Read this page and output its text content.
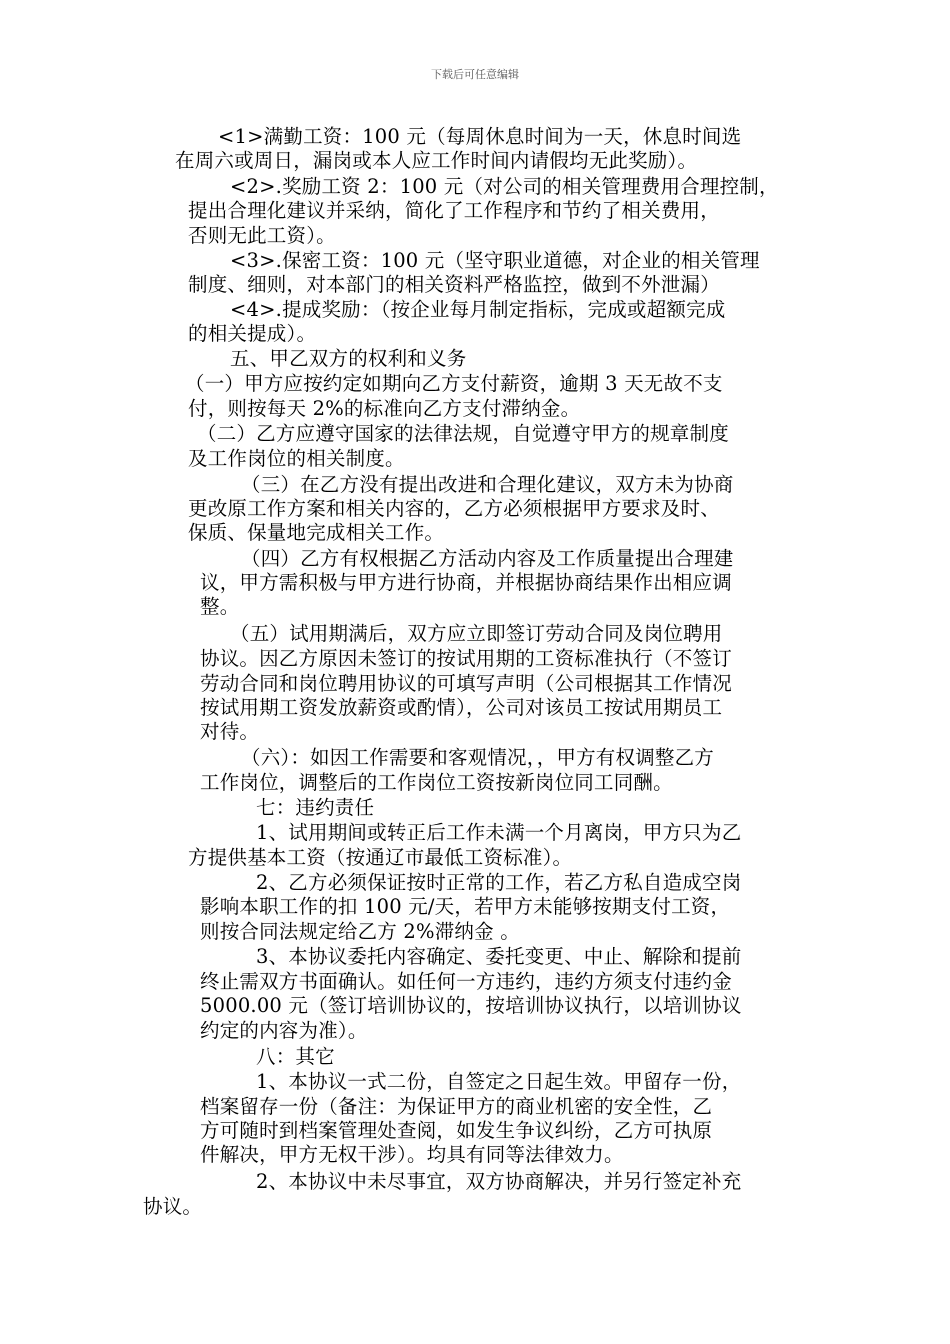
下载后可任意编辑
<1>满勤工资：100 元（每周休息时间为一天，休息时间选
在周六或周日，漏岗或本人应工作时间内请假均无此奖励）。
<2>.奖励工资 2：100 元（对公司的相关管理费用合理控制，
提出合理化建议并采纳，简化了工作程序和节约了相关费用，
否则无此工资）。
<3>.保密工资：100 元（坚守职业道德，对企业的相关管理
制度、细则，对本部门的相关资料严格监控，做到不外泄漏）
<4>.提成奖励：（按企业每月制定指标，完成或超额完成
的相关提成）。
五、甲乙双方的权利和义务
（一）甲方应按约定如期向乙方支付薪资，逾期 3 天无故不支
付，则按每天 2%的标准向乙方支付滞纳金。
（二）乙方应遵守国家的法律法规，自觉遵守甲方的规章制度
及工作岗位的相关制度。
（三）在乙方没有提出改进和合理化建议，双方未为协商
更改原工作方案和相关内容的，乙方必须根据甲方要求及时、
保质、保量地完成相关工作。
（四）乙方有权根据乙方活动内容及工作质量提出合理建
议，甲方需积极与甲方进行协商，并根据协商结果作出相应调
整。
（五）试用期满后，双方应立即签订劳动合同及岗位聘用
协议。因乙方原因未签订的按试用期的工资标准执行（不签订
劳动合同和岗位聘用协议的可填写声明（公司根据其工作情况
按试用期工资发放薪资或酌情），公司对该员工按试用期员工
对待。
（六）：如因工作需要和客观情况，，甲方有权调整乙方
工作岗位，调整后的工作岗位工资按新岗位同工同酬。
七：违约责任
1、试用期间或转正后工作未满一个月离岗，甲方只为乙
方提供基本工资（按通辽市最低工资标准）。
2、乙方必须保证按时正常的工作，若乙方私自造成空岗
影响本职工作的扣 100 元/天，若甲方未能够按期支付工资，
则按合同法规定给乙方 2%滞纳金 。
3、本协议委托内容确定、委托变更、中止、解除和提前
终止需双方书面确认。如任何一方违约，违约方须支付违约金
5000.00 元（签订培训协议的，按培训协议执行，以培训协议
约定的内容为准）。
八：其它
1、本协议一式二份，自签定之日起生效。甲留存一份，
档案留存一份（备注：为保证甲方的商业机密的安全性，乙
方可随时到档案管理处查阅，如发生争议纠纷，乙方可执原
件解决，甲方无权干涉）。均具有同等法律效力。
2、本协议中未尽事宜，双方协商解决，并另行签定补充
协议。
